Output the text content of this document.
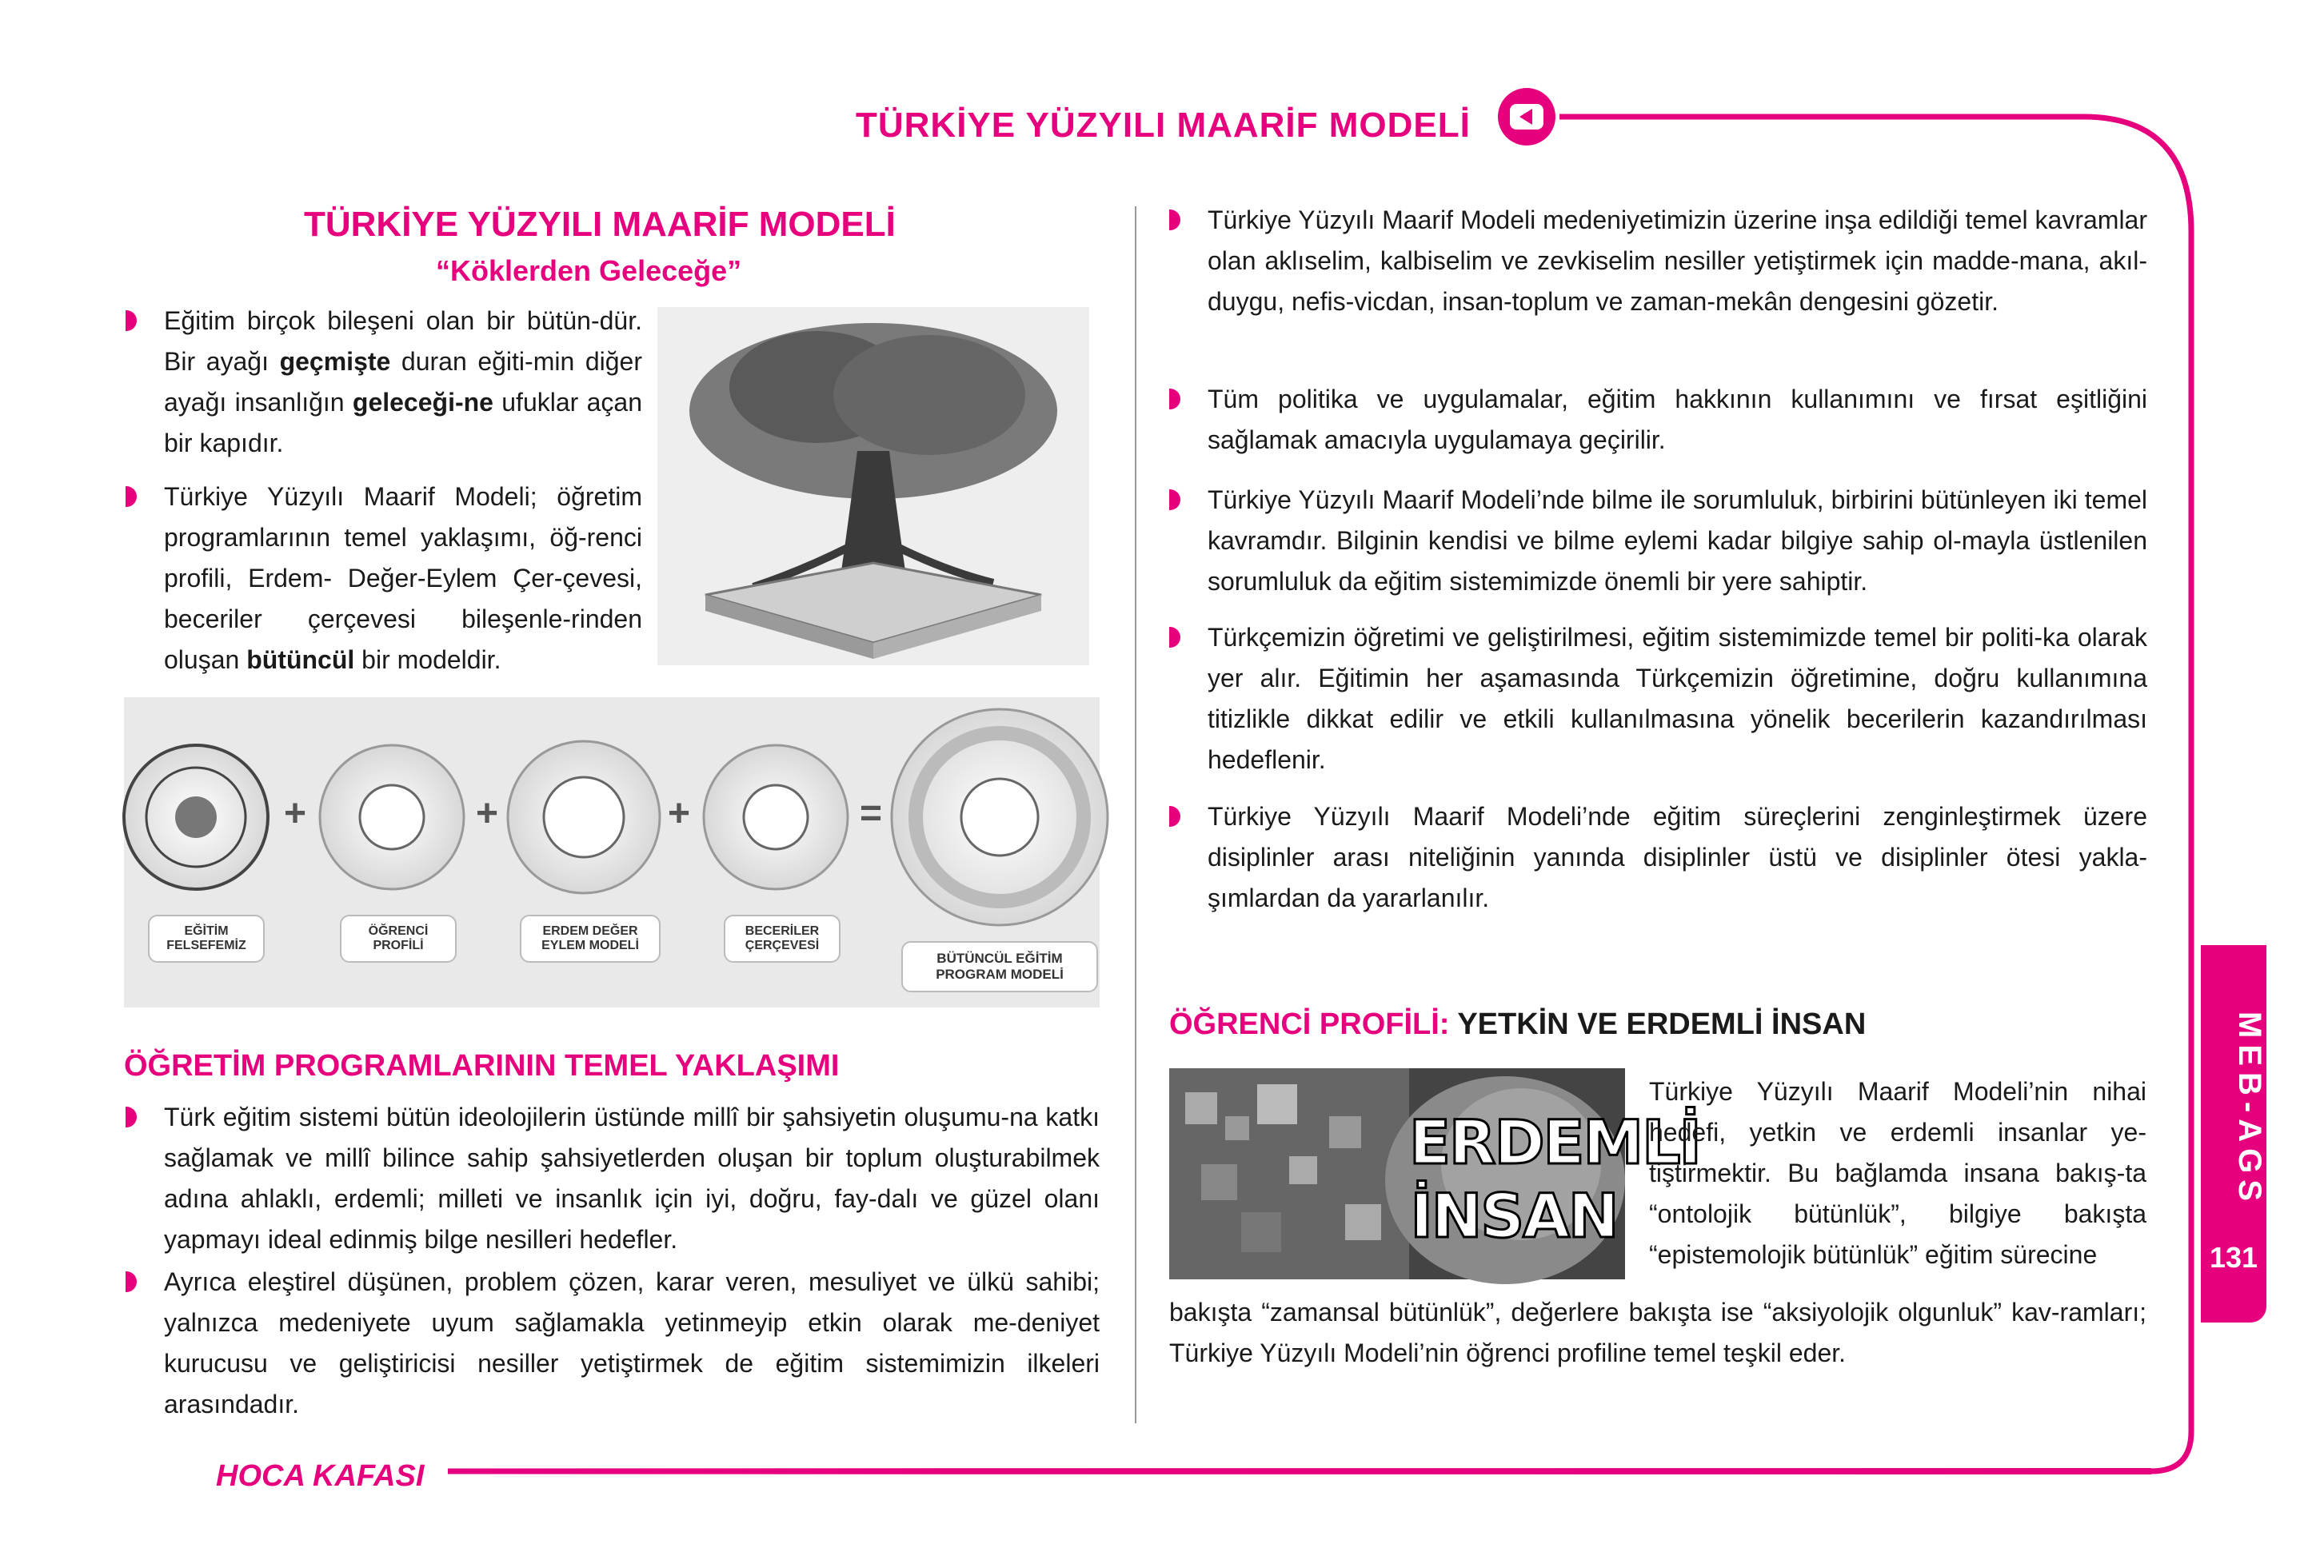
TÜRKİYE YÜZYILI MAARİF MODELİ
TÜRKİYE YÜZYILI MAARİF MODELİ
“Köklerden Geleceğe”
Eğitim birçok bileşeni olan bir bütün-dür. Bir ayağı geçmişte duran eğiti-min diğer ayağı insanlığın geleceği-ne ufuklar açan bir kapıdır.
Türkiye Yüzyılı Maarif Modeli; öğretim programlarının temel yaklaşımı, öğ-renci profili, Erdem- Değer-Eylem Çer-çevesi, beceriler çerçevesi bileşenle-rinden oluşan bütüncül bir modeldir.
+	+	+	=
EĞİTİM FELSEFEMİZ
ÖĞRENCİ PROFİLİ
ERDEM DEĞER EYLEM MODELİ
BECERİLER ÇERÇEVESİ
BÜTÜNCÜL EĞİTİM PROGRAM MODELİ
ÖĞRETİM PROGRAMLARININ TEMEL YAKLAŞIMI
Türk eğitim sistemi bütün ideolojilerin üstünde millî bir şahsiyetin oluşumu-na katkı sağlamak ve millî bilince sahip şahsiyetlerden oluşan bir toplum oluşturabilmek adına ahlaklı, erdemli; milleti ve insanlık için iyi, doğru, fay-dalı ve güzel olanı yapmayı ideal edinmiş bilge nesilleri hedefler.
Ayrıca eleştirel düşünen, problem çözen, karar veren, mesuliyet ve ülkü sahibi; yalnızca medeniyete uyum sağlamakla yetinmeyip etkin olarak me-deniyet kurucusu ve geliştiricisi nesiller yetiştirmek de eğitim sistemimizin ilkeleri arasındadır.
Türkiye Yüzyılı Maarif Modeli medeniyetimizin üzerine inşa edildiği temel kavramlar olan aklıselim, kalbiselim ve zevkiselim nesiller yetiştirmek için madde-mana, akıl-duygu, nefis-vicdan, insan-toplum ve zaman-mekân dengesini gözetir.
Tüm politika ve uygulamalar, eğitim hakkının kullanımını ve fırsat eşitliğini sağlamak amacıyla uygulamaya geçirilir.
Türkiye Yüzyılı Maarif Modeli’nde bilme ile sorumluluk, birbirini bütünleyen iki temel kavramdır. Bilginin kendisi ve bilme eylemi kadar bilgiye sahip ol-mayla üstlenilen sorumluluk da eğitim sistemimizde önemli bir yere sahiptir.
Türkçemizin öğretimi ve geliştirilmesi, eğitim sistemimizde temel bir politi-ka olarak yer alır. Eğitimin her aşamasında Türkçemizin öğretimine, doğru kullanımına titizlikle dikkat edilir ve etkili kullanılmasına yönelik becerilerin kazandırılması hedeflenir.
Türkiye Yüzyılı Maarif Modeli’nde eğitim süreçlerini zenginleştirmek üzere disiplinler arası niteliğinin yanında disiplinler üstü ve disiplinler ötesi yakla-şımlardan da yararlanılır.
ÖĞRENCİ PROFİLİ: YETKİN VE ERDEMLİ İNSAN
ERDEMLİ
İNSAN
Türkiye Yüzyılı Maarif Modeli’nin nihai hedefi, yetkin ve erdemli insanlar ye-tiştirmektir. Bu bağlamda insana bakış-ta “ontolojik bütünlük”, bilgiye bakışta “epistemolojik bütünlük” eğitim sürecine
bakışta “zamansal bütünlük”, değerlere bakışta ise “aksiyolojik olgunluk” kav-ramları; Türkiye Yüzyılı Modeli’nin öğrenci profiline temel teşkil eder.
MEB-AGS
131
HOCA KAFASI
